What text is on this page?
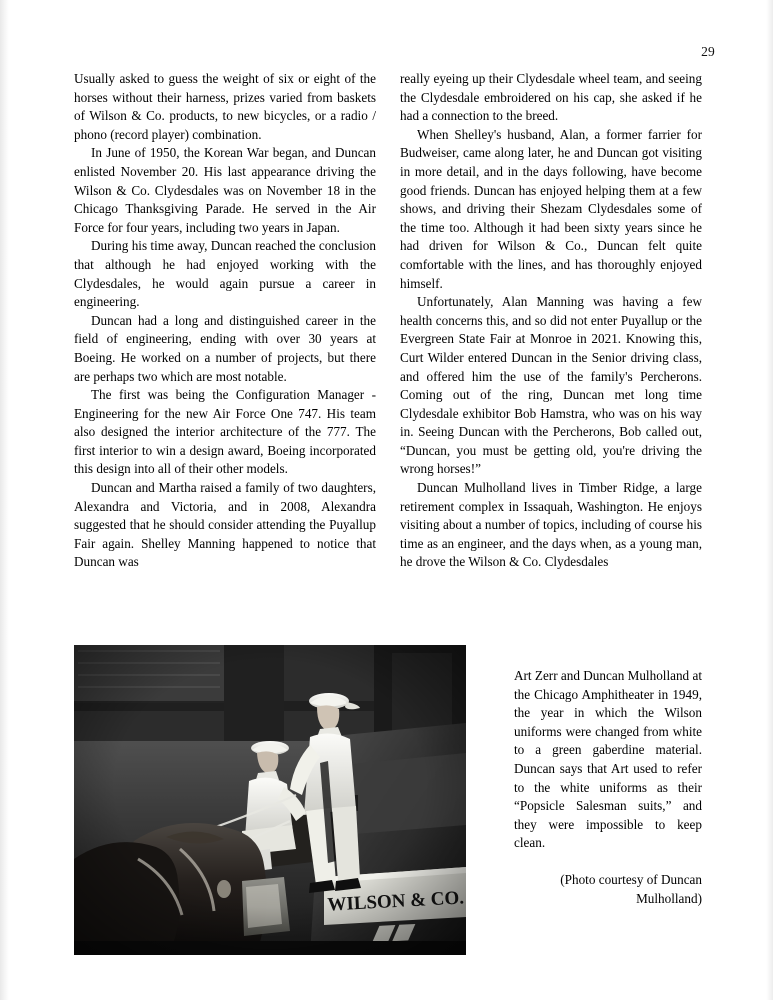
29

Usually asked to guess the weight of six or eight of the horses without their harness, prizes varied from baskets of Wilson & Co. products, to new bicycles, or a radio / phono (record player) combination.

In June of 1950, the Korean War began, and Duncan enlisted November 20. His last appearance driving the Wilson & Co. Clydesdales was on November 18 in the Chicago Thanksgiving Parade. He served in the Air Force for four years, including two years in Japan.

During his time away, Duncan reached the conclusion that although he had enjoyed working with the Clydesdales, he would again pursue a career in engineering.

Duncan had a long and distinguished career in the field of engineering, ending with over 30 years at Boeing. He worked on a number of projects, but there are perhaps two which are most notable.

The first was being the Configuration Manager - Engineering for the new Air Force One 747. His team also designed the interior architecture of the 777. The first interior to win a design award, Boeing incorporated this design into all of their other models.

Duncan and Martha raised a family of two daughters, Alexandra and Victoria, and in 2008, Alexandra suggested that he should consider attending the Puyallup Fair again. Shelley Manning happened to notice that Duncan was

really eyeing up their Clydesdale wheel team, and seeing the Clydesdale embroidered on his cap, she asked if he had a connection to the breed.

When Shelley's husband, Alan, a former farrier for Budweiser, came along later, he and Duncan got visiting in more detail, and in the days following, have become good friends. Duncan has enjoyed helping them at a few shows, and driving their Shezam Clydesdales some of the time too. Although it had been sixty years since he had driven for Wilson & Co., Duncan felt quite comfortable with the lines, and has thoroughly enjoyed himself.

Unfortunately, Alan Manning was having a few health concerns this, and so did not enter Puyallup or the Evergreen State Fair at Monroe in 2021. Knowing this, Curt Wilder entered Duncan in the Senior driving class, and offered him the use of the family's Percherons. Coming out of the ring, Duncan met long time Clydesdale exhibitor Bob Hamstra, who was on his way in. Seeing Duncan with the Percherons, Bob called out, “Duncan, you must be getting old, you're driving the wrong horses!”

Duncan Mulholland lives in Timber Ridge, a large retirement complex in Issaquah, Washington. He enjoys visiting about a number of topics, including of course his time as an engineer, and the days when, as a young man, he drove the Wilson & Co. Clydesdales

Art Zerr and Duncan Mulholland at the Chicago Amphitheater in 1949, the year in which the Wilson uniforms were changed from white to a green gaberdine material. Duncan says that Art used to refer to the white uniforms as their “Popsicle Salesman suits,” and they were impossible to keep clean.

(Photo courtesy of Duncan Mulholland)
